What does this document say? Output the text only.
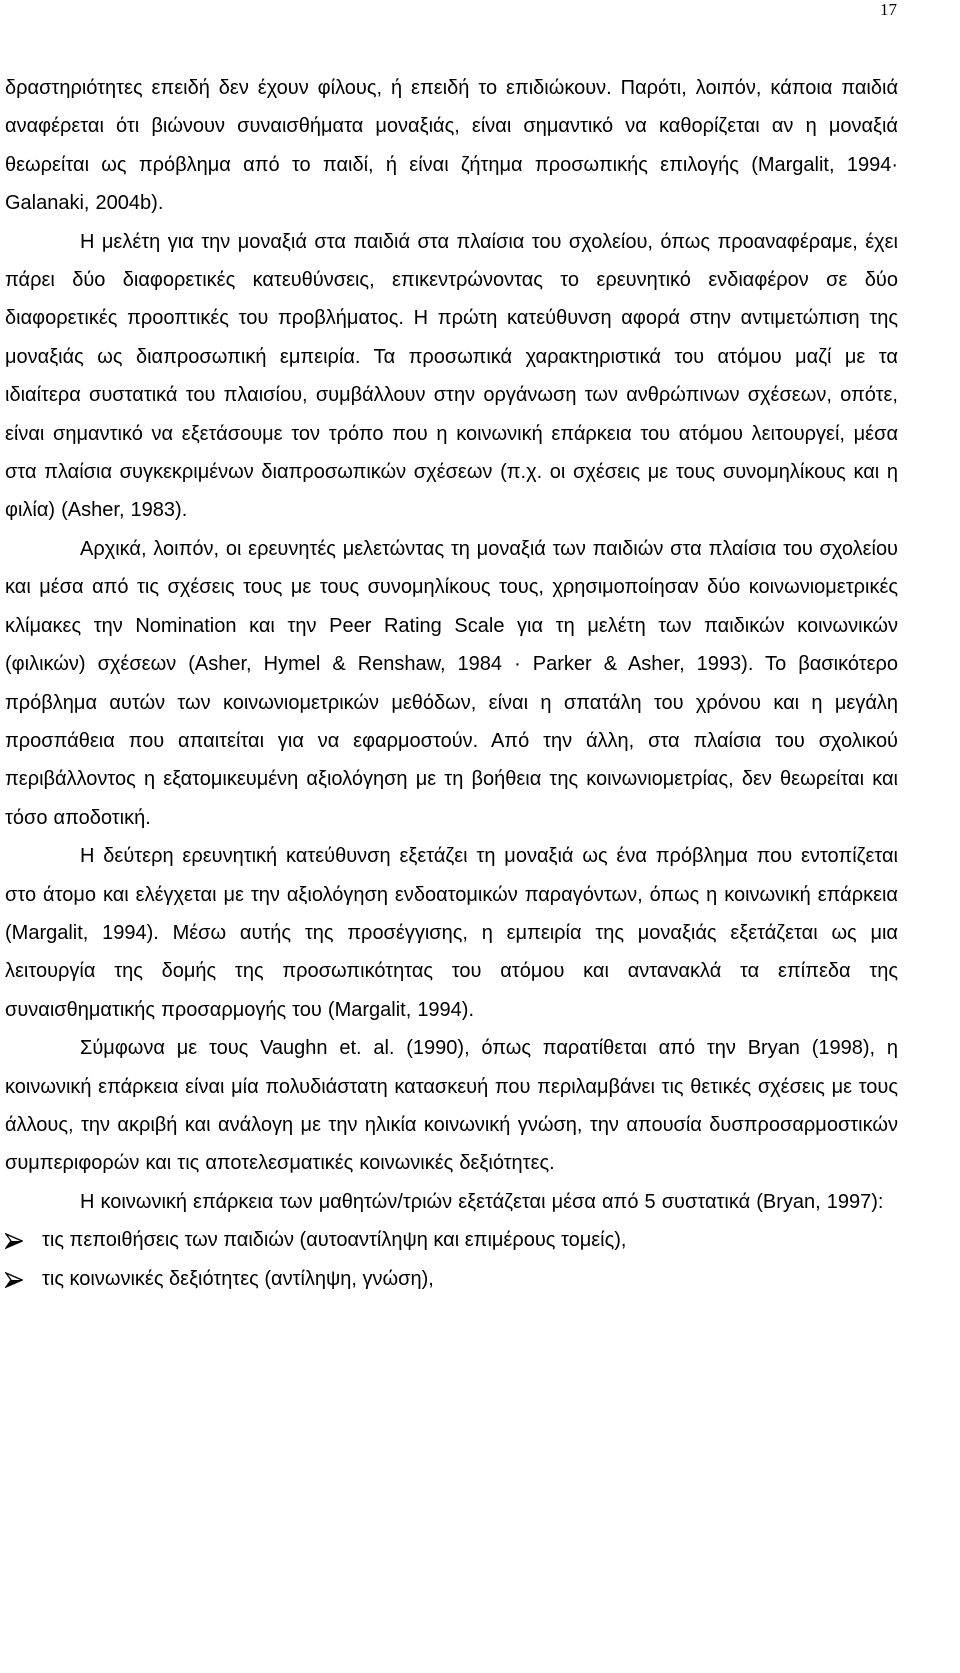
17

δραστηριότητες επειδή δεν έχουν φίλους, ή επειδή το επιδιώκουν. Παρότι, λοιπόν, κάποια παιδιά αναφέρεται ότι βιώνουν συναισθήματα μοναξιάς, είναι σημαντικό να καθορίζεται αν η μοναξιά θεωρείται ως πρόβλημα από το παιδί, ή είναι ζήτημα προσωπικής επιλογής (Margalit, 1994· Galanaki, 2004b).

Η μελέτη για την μοναξιά στα παιδιά στα πλαίσια του σχολείου, όπως προαναφέραμε, έχει πάρει δύο διαφορετικές κατευθύνσεις, επικεντρώνοντας το ερευνητικό ενδιαφέρον σε δύο διαφορετικές προοπτικές του προβλήματος. Η πρώτη κατεύθυνση αφορά στην αντιμετώπιση της μοναξιάς ως διαπροσωπική εμπειρία. Τα προσωπικά χαρακτηριστικά του ατόμου μαζί με τα ιδιαίτερα συστατικά του πλαισίου, συμβάλλουν στην οργάνωση των ανθρώπινων σχέσεων, οπότε, είναι σημαντικό να εξετάσουμε τον τρόπο που η κοινωνική επάρκεια του ατόμου λειτουργεί, μέσα στα πλαίσια συγκεκριμένων διαπροσωπικών σχέσεων (π.χ. οι σχέσεις με τους συνομηλίκους και η φιλία) (Asher, 1983).

Αρχικά, λοιπόν, οι ερευνητές μελετώντας τη μοναξιά των παιδιών στα πλαίσια του σχολείου και μέσα από τις σχέσεις τους με τους συνομηλίκους τους, χρησιμοποίησαν δύο κοινωνιομετρικές κλίμακες την Nomination και την Peer Rating Scale για τη μελέτη των παιδικών κοινωνικών (φιλικών) σχέσεων (Asher, Hymel & Renshaw, 1984 · Parker & Asher, 1993). Το βασικότερο πρόβλημα αυτών των κοινωνιομετρικών μεθόδων, είναι η σπατάλη του χρόνου και η μεγάλη προσπάθεια που απαιτείται για να εφαρμοστούν. Από την άλλη, στα πλαίσια του σχολικού περιβάλλοντος η εξατομικευμένη αξιολόγηση με τη βοήθεια της κοινωνιομετρίας, δεν θεωρείται και τόσο αποδοτική.

Η δεύτερη ερευνητική κατεύθυνση εξετάζει τη μοναξιά ως ένα πρόβλημα που εντοπίζεται στο άτομο και ελέγχεται με την αξιολόγηση ενδοατομικών παραγόντων, όπως η κοινωνική επάρκεια (Margalit, 1994). Μέσω αυτής της προσέγγισης, η εμπειρία της μοναξιάς εξετάζεται ως μια λειτουργία της δομής της προσωπικότητας του ατόμου και αντανακλά τα επίπεδα της συναισθηματικής προσαρμογής του (Margalit, 1994).

Σύμφωνα με τους Vaughn et. al. (1990), όπως παρατίθεται από την Bryan (1998), η κοινωνική επάρκεια είναι μία πολυδιάστατη κατασκευή που περιλαμβάνει τις θετικές σχέσεις με τους άλλους, την ακριβή και ανάλογη με την ηλικία κοινωνική γνώση, την απουσία δυσπροσαρμοστικών συμπεριφορών και τις αποτελεσματικές κοινωνικές δεξιότητες.

Η κοινωνική επάρκεια των μαθητών/τριών εξετάζεται μέσα από 5 συστατικά (Bryan, 1997):

τις πεποιθήσεις των παιδιών (αυτοαντίληψη και επιμέρους τομείς),
τις κοινωνικές δεξιότητες (αντίληψη, γνώση),
